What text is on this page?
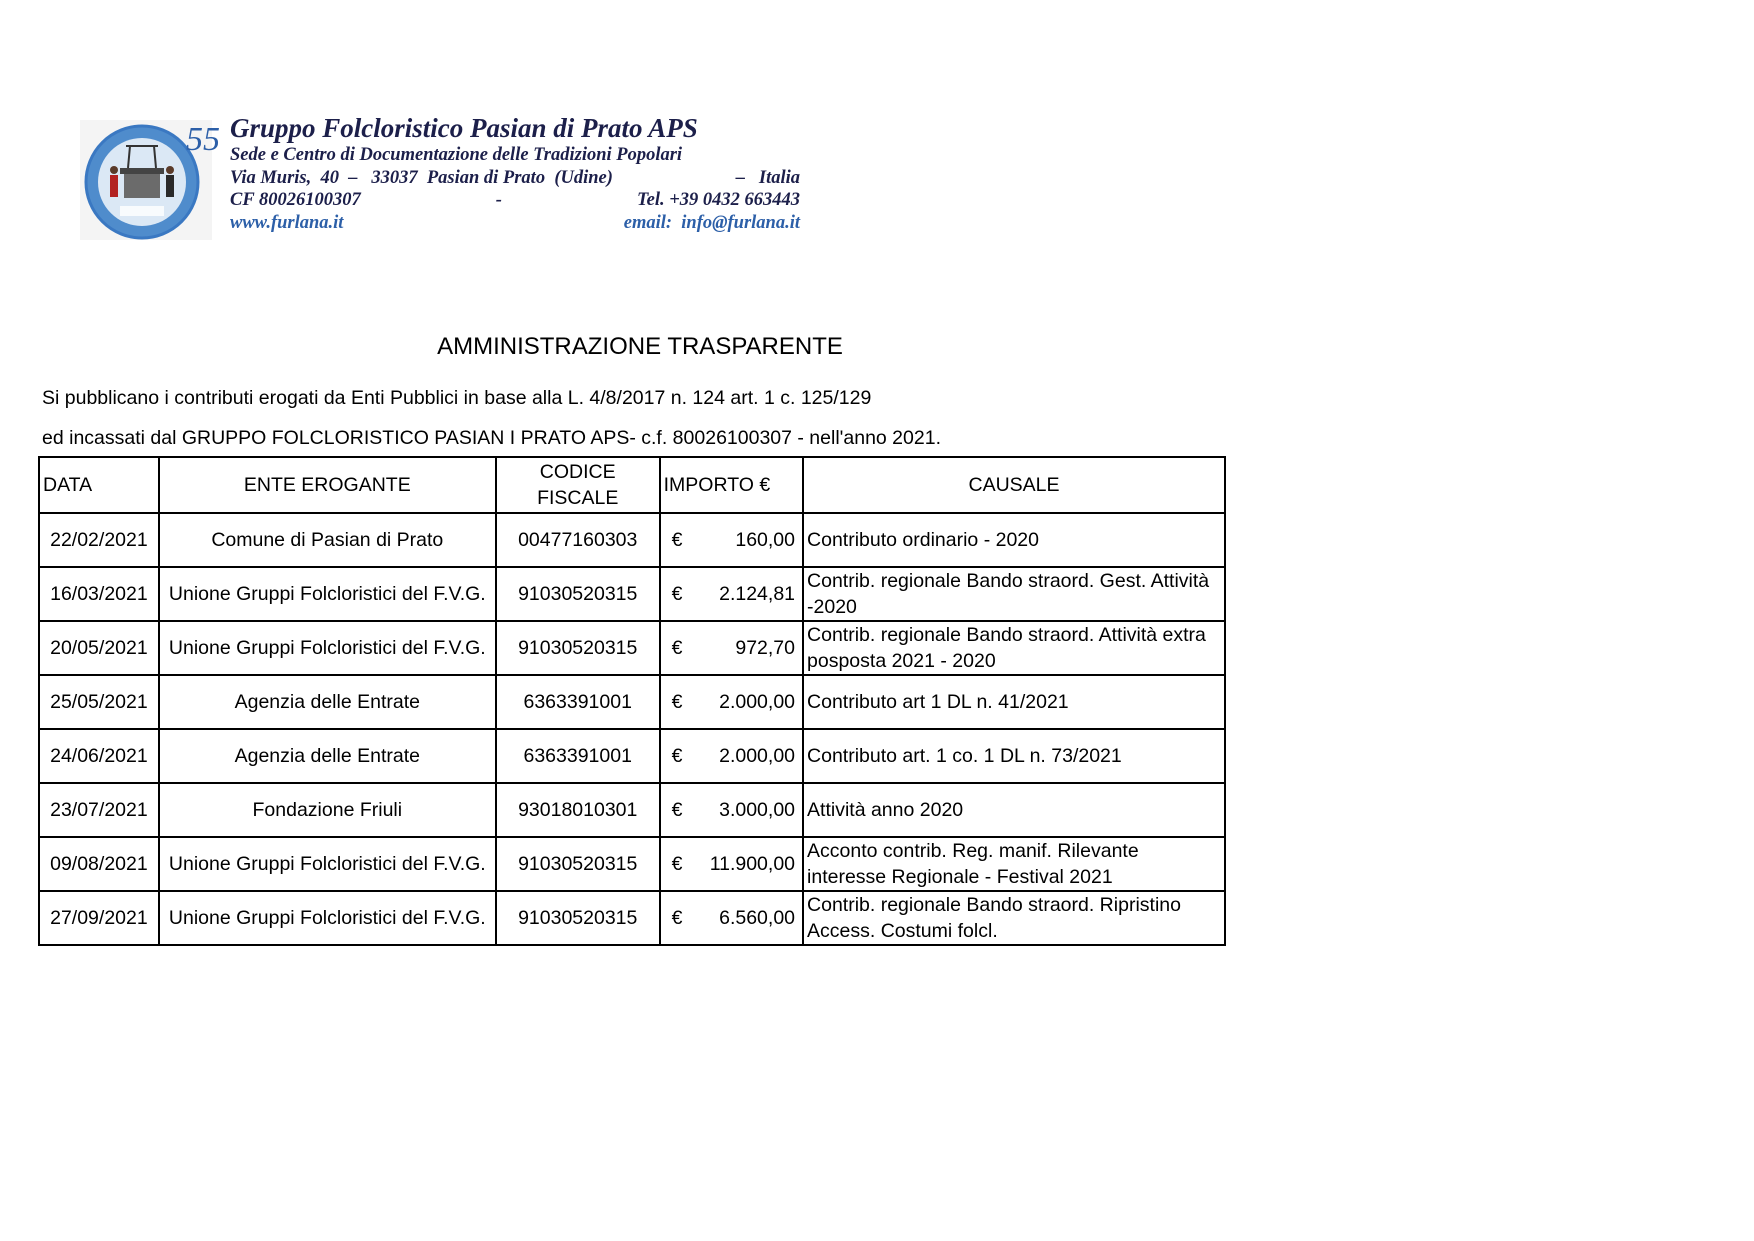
55 Gruppo Folcloristico Pasian di Prato APS
Sede e Centro di Documentazione delle Tradizioni Popolari
Via Muris,  40  –   33037  Pasian di Prato  (Udine)	–   Italia
CF 80026100307	-	Tel. +39 0432 663443
www.furlana.it	email:  info@furlana.it
AMMINISTRAZIONE TRASPARENTE
Si pubblicano i contributi erogati da Enti Pubblici in base alla L. 4/8/2017 n. 124 art. 1 c. 125/129
ed incassati dal GRUPPO FOLCLORISTICO PASIAN I PRATO APS- c.f. 80026100307 - nell'anno 2021.
DATA	ENTE EROGANTE	CODICE FISCALE	IMPORTO €	CAUSALE
22/02/2021	Comune di Pasian di Prato	00477160303	€ 160,00	Contributo ordinario - 2020
16/03/2021	Unione Gruppi Folcloristici del F.V.G.	91030520315	€ 2.124,81	Contrib. regionale Bando straord. Gest. Attività -2020
20/05/2021	Unione Gruppi Folcloristici del F.V.G.	91030520315	€ 972,70	Contrib. regionale Bando straord. Attività extra posposta 2021 - 2020
25/05/2021	Agenzia delle Entrate	6363391001	€ 2.000,00	Contributo art 1 DL n. 41/2021
24/06/2021	Agenzia delle Entrate	6363391001	€ 2.000,00	Contributo art. 1 co. 1 DL n. 73/2021
23/07/2021	Fondazione Friuli	93018010301	€ 3.000,00	Attività anno 2020
09/08/2021	Unione Gruppi Folcloristici del F.V.G.	91030520315	€ 11.900,00	Acconto contrib. Reg. manif. Rilevante interesse Regionale - Festival 2021
27/09/2021	Unione Gruppi Folcloristici del F.V.G.	91030520315	€ 6.560,00	Contrib. regionale Bando straord. Ripristino Access. Costumi folcl.
